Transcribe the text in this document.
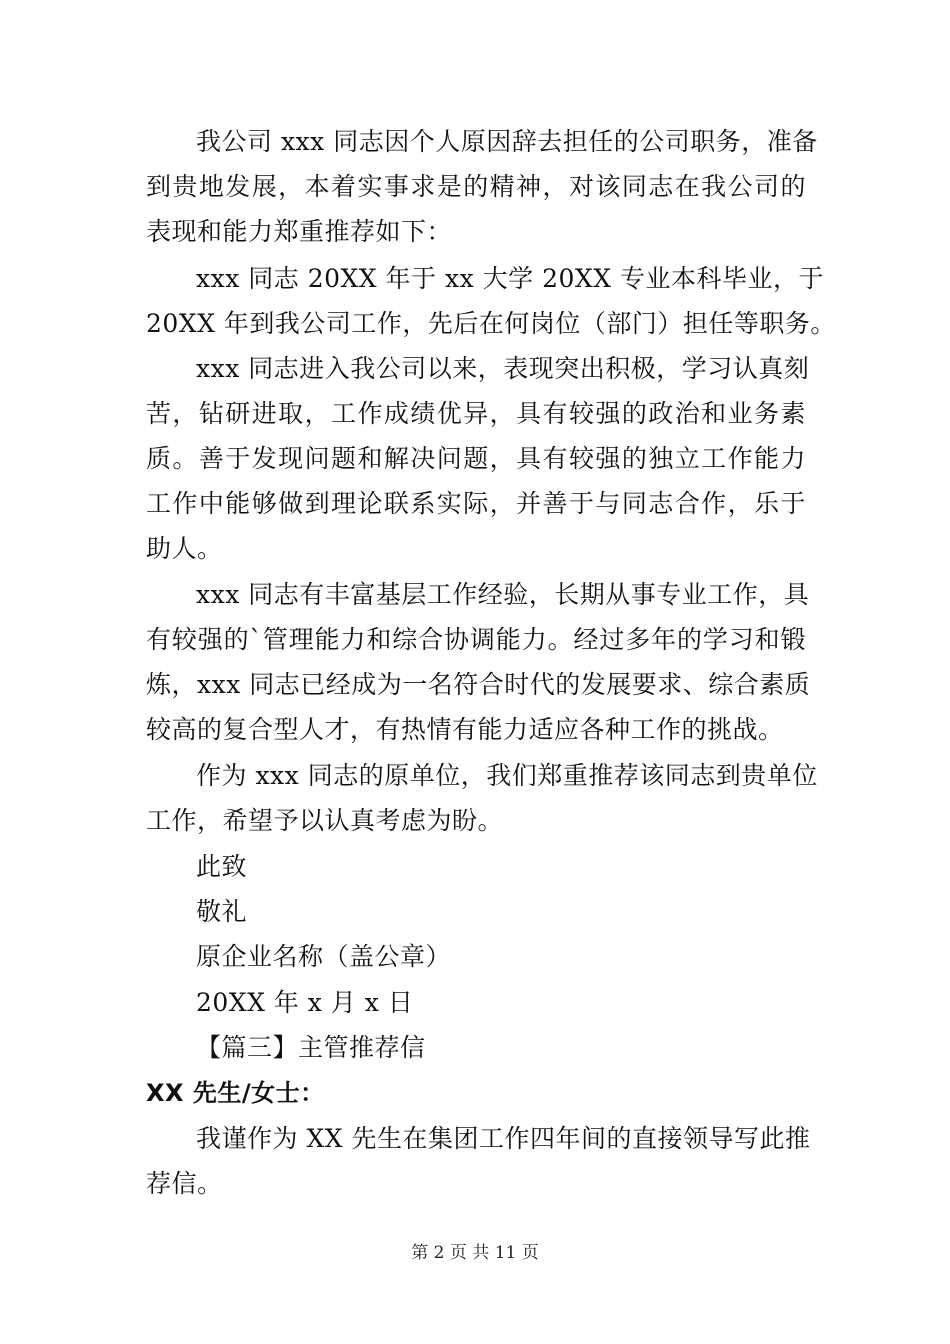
我公司 xxx 同志因个人原因辞去担任的公司职务，准备
到贵地发展，本着实事求是的精神，对该同志在我公司的
表现和能力郑重推荐如下：
xxx 同志 20XX 年于 xx 大学 20XX 专业本科毕业，于
20XX 年到我公司工作，先后在何岗位（部门）担任等职务。
xxx 同志进入我公司以来，表现突出积极，学习认真刻
苦，钻研进取，工作成绩优异，具有较强的政治和业务素
质。善于发现问题和解决问题，具有较强的独立工作能力
工作中能够做到理论联系实际，并善于与同志合作，乐于
助人。
xxx 同志有丰富基层工作经验，长期从事专业工作，具
有较强的`管理能力和综合协调能力。经过多年的学习和锻
炼，xxx 同志已经成为一名符合时代的发展要求、综合素质
较高的复合型人才，有热情有能力适应各种工作的挑战。
作为 xxx 同志的原单位，我们郑重推荐该同志到贵单位
工作，希望予以认真考虑为盼。
此致
敬礼
原企业名称（盖公章）
20XX 年 x 月 x 日
【篇三】主管推荐信
XX 先生/女士：
我谨作为 XX 先生在集团工作四年间的直接领导写此推
荐信。
第 2 页 共 11 页
